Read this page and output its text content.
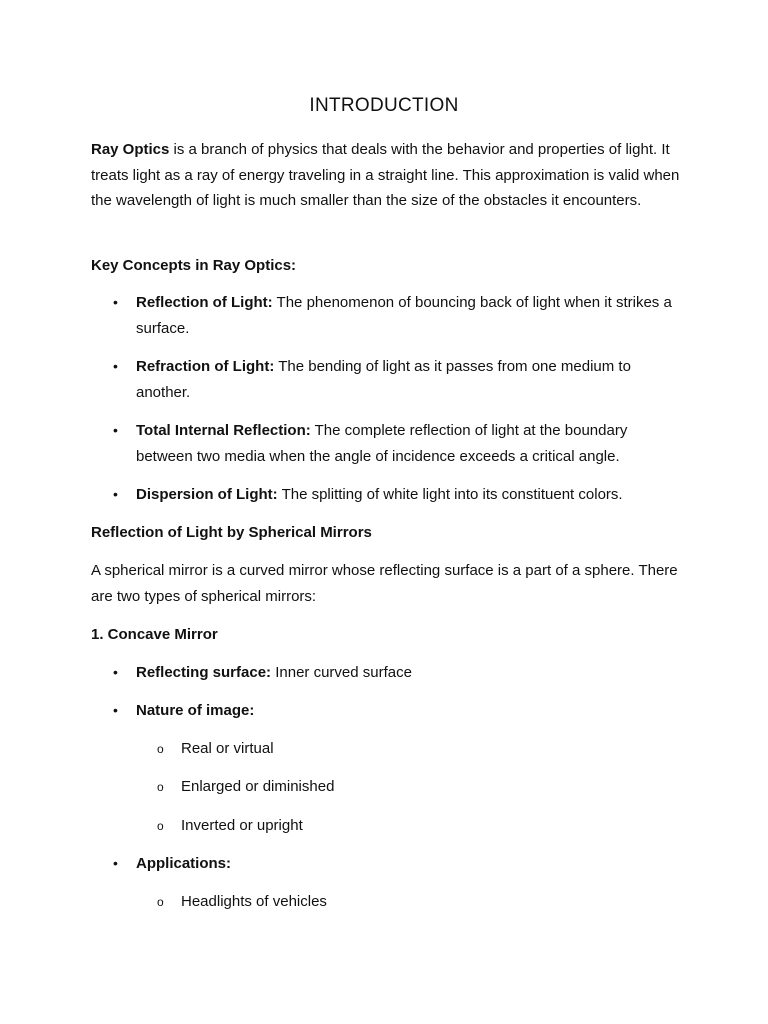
INTRODUCTION
Ray Optics is a branch of physics that deals with the behavior and properties of light. It treats light as a ray of energy traveling in a straight line. This approximation is valid when the wavelength of light is much smaller than the size of the obstacles it encounters.
Key Concepts in Ray Optics:
• Reflection of Light: The phenomenon of bouncing back of light when it strikes a surface.
• Refraction of Light: The bending of light as it passes from one medium to another.
• Total Internal Reflection: The complete reflection of light at the boundary between two media when the angle of incidence exceeds a critical angle.
• Dispersion of Light: The splitting of white light into its constituent colors.
Reflection of Light by Spherical Mirrors
A spherical mirror is a curved mirror whose reflecting surface is a part of a sphere. There are two types of spherical mirrors:
1. Concave Mirror
• Reflecting surface: Inner curved surface
• Nature of image:
o Real or virtual
o Enlarged or diminished
o Inverted or upright
• Applications:
o Headlights of vehicles
